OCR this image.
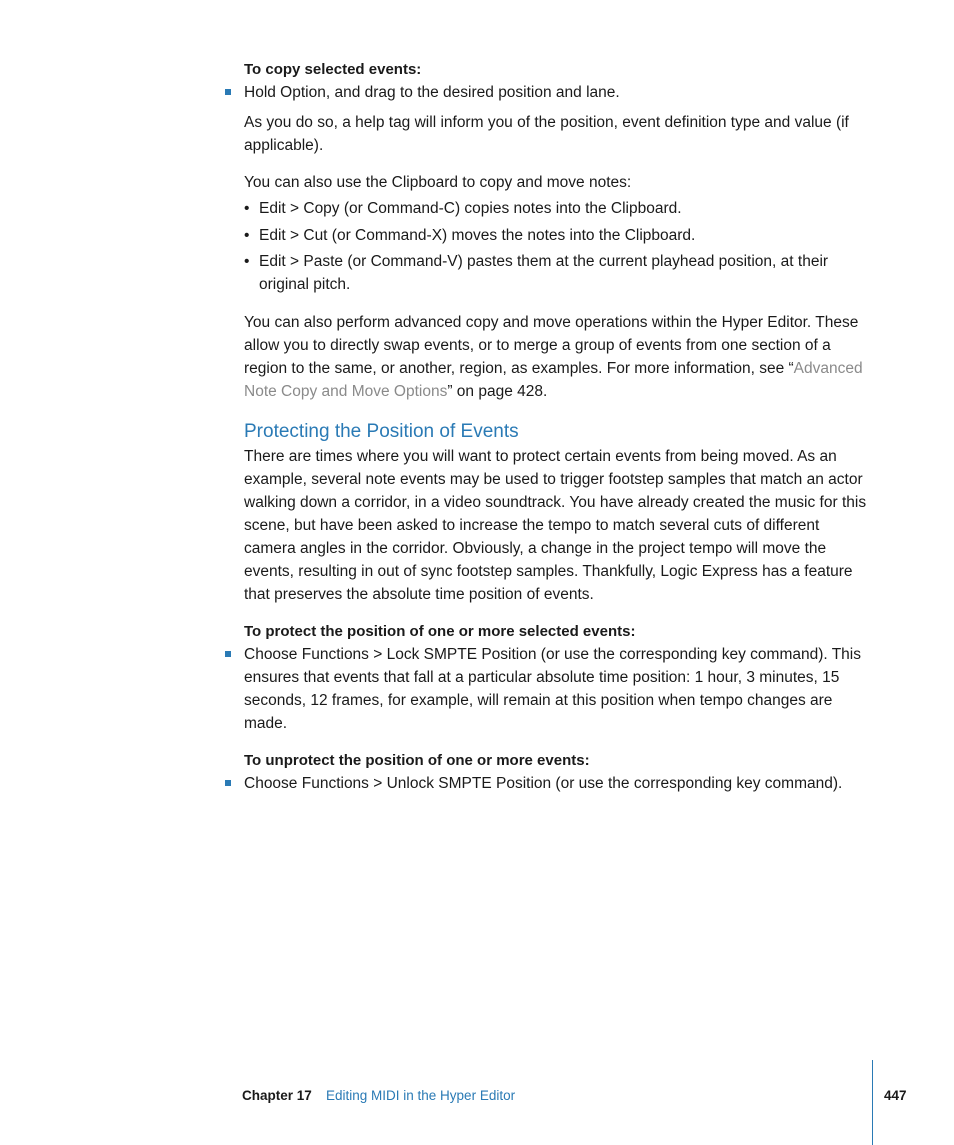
To copy selected events:
Hold Option, and drag to the desired position and lane.
As you do so, a help tag will inform you of the position, event definition type and value (if applicable).
You can also use the Clipboard to copy and move notes:
• Edit > Copy (or Command-C) copies notes into the Clipboard.
• Edit > Cut (or Command-X) moves the notes into the Clipboard.
• Edit > Paste (or Command-V) pastes them at the current playhead position, at their original pitch.
You can also perform advanced copy and move operations within the Hyper Editor. These allow you to directly swap events, or to merge a group of events from one section of a region to the same, or another, region, as examples. For more information, see “Advanced Note Copy and Move Options” on page 428.
Protecting the Position of Events
There are times where you will want to protect certain events from being moved. As an example, several note events may be used to trigger footstep samples that match an actor walking down a corridor, in a video soundtrack. You have already created the music for this scene, but have been asked to increase the tempo to match several cuts of different camera angles in the corridor. Obviously, a change in the project tempo will move the events, resulting in out of sync footstep samples. Thankfully, Logic Express has a feature that preserves the absolute time position of events.
To protect the position of one or more selected events:
Choose Functions > Lock SMPTE Position (or use the corresponding key command). This ensures that events that fall at a particular absolute time position: 1 hour, 3 minutes, 15 seconds, 12 frames, for example, will remain at this position when tempo changes are made.
To unprotect the position of one or more events:
Choose Functions > Unlock SMPTE Position (or use the corresponding key command).
Chapter 17 Editing MIDI in the Hyper Editor	447
